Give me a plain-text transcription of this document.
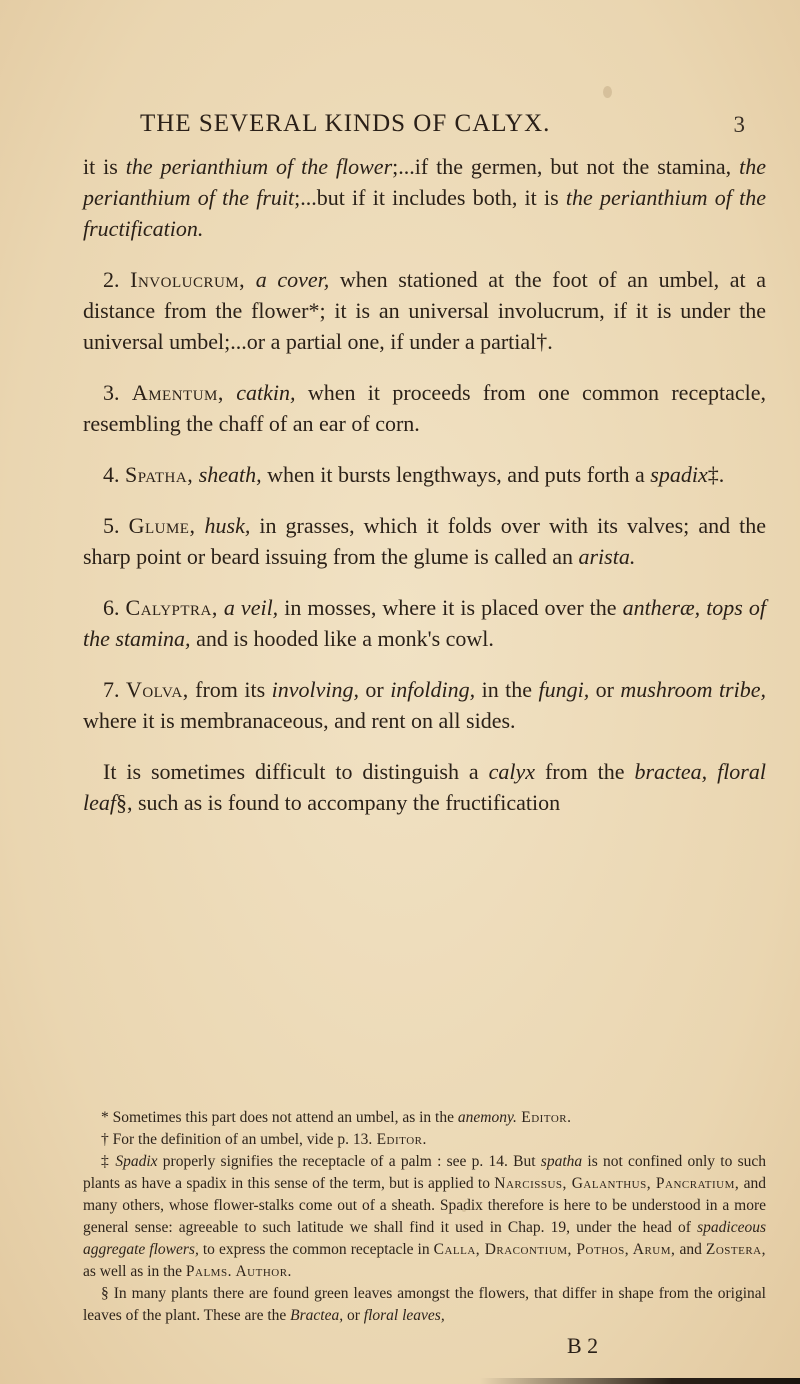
THE SEVERAL KINDS OF CALYX.	3

it is the perianthium of the flower;...if the germen, but not the stamina, the perianthium of the fruit;...but if it includes both, it is the perianthium of the fructification.

2. Involucrum, a cover, when stationed at the foot of an umbel, at a distance from the flower*; it is an universal involucrum, if it is under the universal umbel;...or a partial one, if under a partial†.

3. Amentum, catkin, when it proceeds from one common receptacle, resembling the chaff of an ear of corn.

4. Spatha, sheath, when it bursts lengthways, and puts forth a spadix‡.

5. Glume, husk, in grasses, which it folds over with its valves; and the sharp point or beard issuing from the glume is called an arista.

6. Calyptra, a veil, in mosses, where it is placed over the antheræ, tops of the stamina, and is hooded like a monk's cowl.

7. Volva, from its involving, or infolding, in the fungi, or mushroom tribe, where it is membranaceous, and rent on all sides.

It is sometimes difficult to distinguish a calyx from the bractea, floral leaf§, such as is found to accompany the fructification

* Sometimes this part does not attend an umbel, as in the anemony. Editor.

† For the definition of an umbel, vide p. 13. Editor.

‡ Spadix properly signifies the receptacle of a palm : see p. 14. But spatha is not confined only to such plants as have a spadix in this sense of the term, but is applied to Narcissus, Galanthus, Pancratium, and many others, whose flower-stalks come out of a sheath. Spadix therefore is here to be understood in a more general sense: agreeable to such latitude we shall find it used in Chap. 19, under the head of spadiceous aggregate flowers, to express the common receptacle in Calla, Dracontium, Pothos, Arum, and Zostera, as well as in the Palms. Author.

§ In many plants there are found green leaves amongst the flowers, that differ in shape from the original leaves of the plant. These are the Bractea, or floral leaves,

B 2
